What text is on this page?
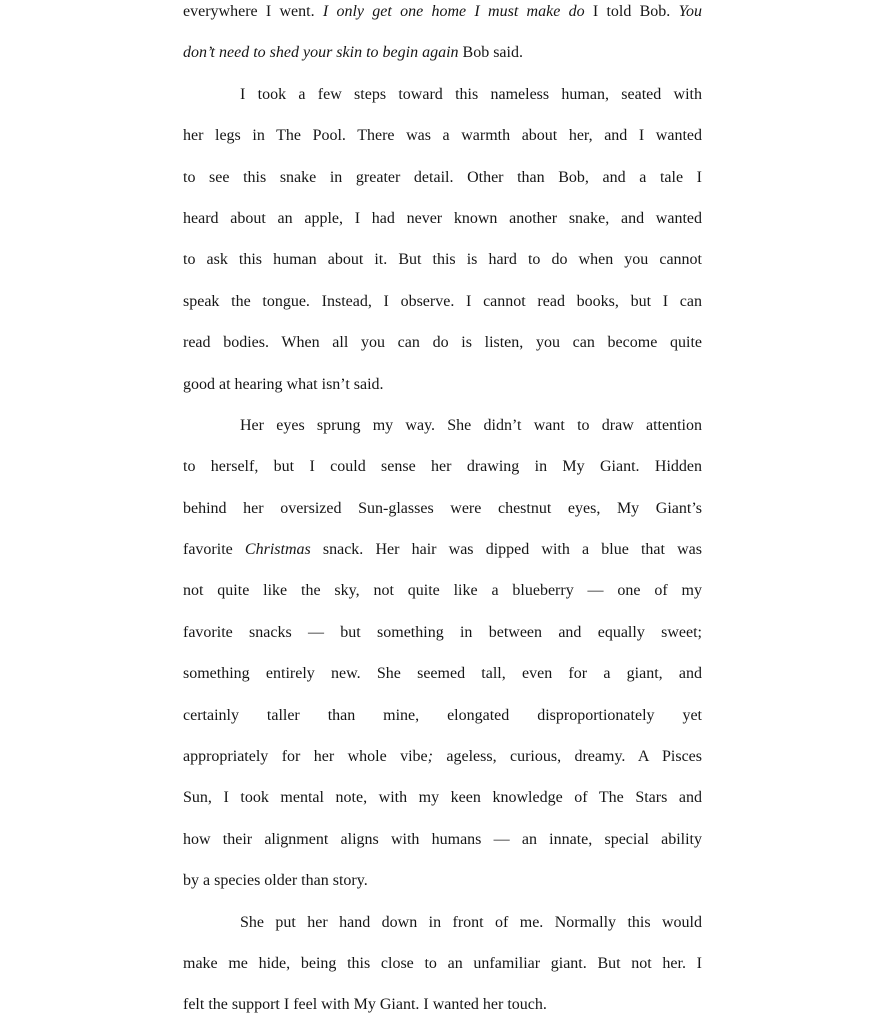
everywhere I went. I only get one home I must make do I told Bob. You
don’t need to shed your skin to begin again Bob said.
I took a few steps toward this nameless human, seated with
her legs in The Pool. There was a warmth about her, and I wanted
to see this snake in greater detail. Other than Bob, and a tale I
heard about an apple, I had never known another snake, and wanted
to ask this human about it. But this is hard to do when you cannot
speak the tongue. Instead, I observe. I cannot read books, but I can
read bodies. When all you can do is listen, you can become quite
good at hearing what isn’t said.
Her eyes sprung my way. She didn’t want to draw attention
to herself, but I could sense her drawing in My Giant. Hidden
behind her oversized Sun-glasses were chestnut eyes, My Giant’s
favorite Christmas snack. Her hair was dipped with a blue that was
not quite like the sky, not quite like a blueberry — one of my
favorite snacks — but something in between and equally sweet;
something entirely new. She seemed tall, even for a giant, and
certainly taller than mine, elongated disproportionately yet
appropriately for her whole vibe; ageless, curious, dreamy. A Pisces
Sun, I took mental note, with my keen knowledge of The Stars and
how their alignment aligns with humans — an innate, special ability
by a species older than story.
She put her hand down in front of me. Normally this would
make me hide, being this close to an unfamiliar giant. But not her. I
felt the support I feel with My Giant. I wanted her touch.
